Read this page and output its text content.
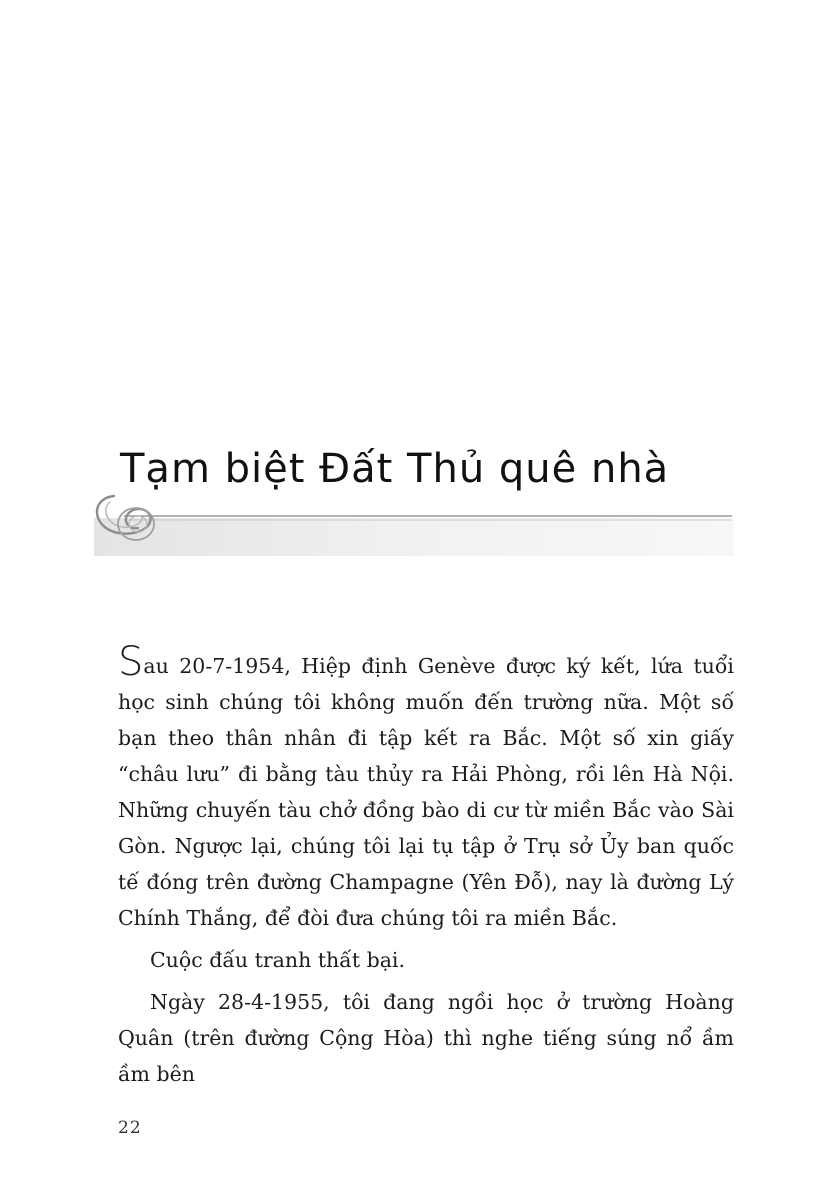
Tạm biệt Đất Thủ quê nhà

Sau 20-7-1954, Hiệp định Genève được ký kết, lứa tuổi học sinh chúng tôi không muốn đến trường nữa. Một số bạn theo thân nhân đi tập kết ra Bắc. Một số xin giấy “châu lưu” đi bằng tàu thủy ra Hải Phòng, rồi lên Hà Nội. Những chuyến tàu chở đồng bào di cư từ miền Bắc vào Sài Gòn. Ngược lại, chúng tôi lại tụ tập ở Trụ sở Ủy ban quốc tế đóng trên đường Champagne (Yên Đỗ), nay là đường Lý Chính Thắng, để đòi đưa chúng tôi ra miền Bắc.

Cuộc đấu tranh thất bại.

Ngày 28-4-1955, tôi đang ngồi học ở trường Hoàng Quân (trên đường Cộng Hòa) thì nghe tiếng súng nổ ầm ầm bên

22
